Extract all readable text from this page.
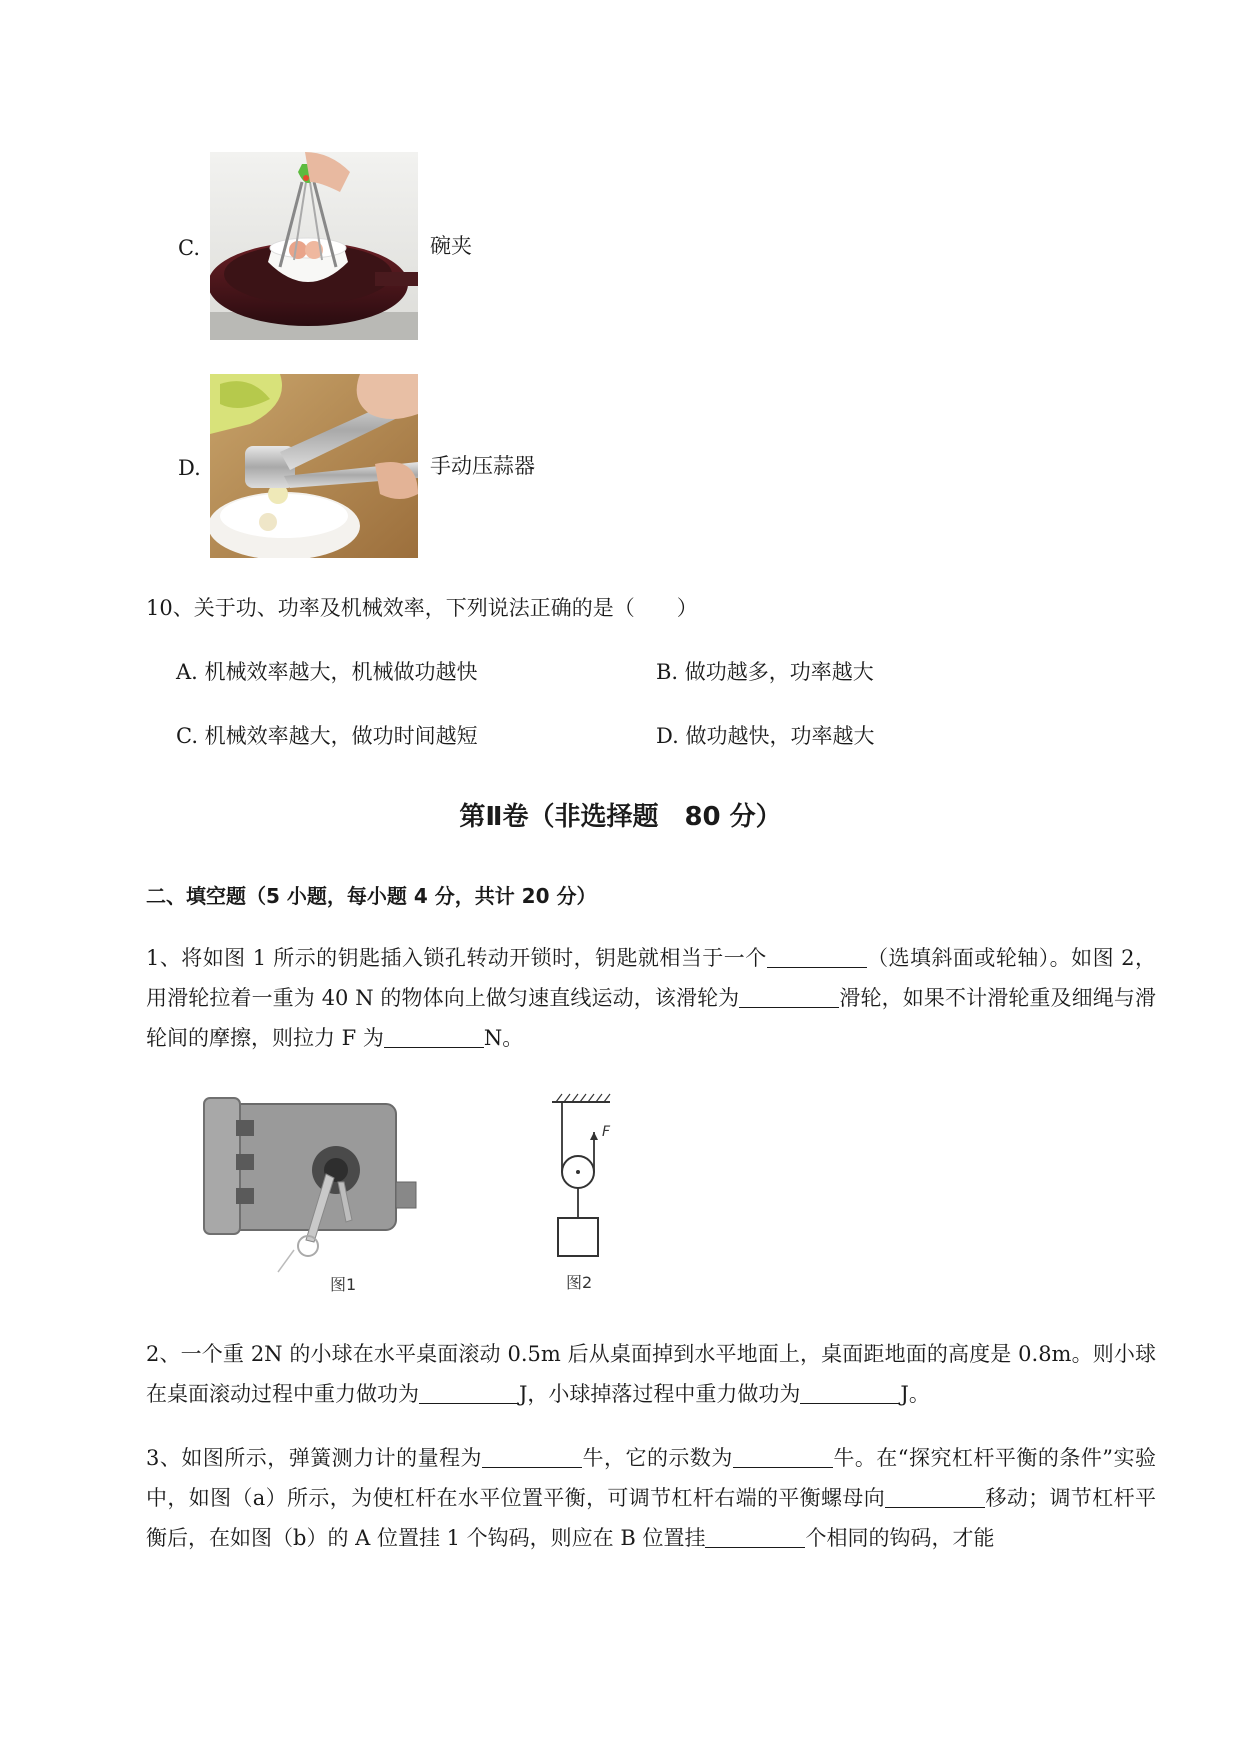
C.	碗夹
D.	手动压蒜器
10、关于功、功率及机械效率，下列说法正确的是（　　）
A. 机械效率越大，机械做功越快	B. 做功越多，功率越大
C. 机械效率越大，做功时间越短	D. 做功越快，功率越大
第Ⅱ卷（非选择题　80 分）
二、填空题（5 小题，每小题 4 分，共计 20 分）
1、将如图 1 所示的钥匙插入锁孔转动开锁时，钥匙就相当于一个	（选填斜面或轮轴）。如图 2，用滑轮拉着一重为 40 N 的物体向上做匀速直线运动，该滑轮为	滑轮，如果不计滑轮重及细绳与滑轮间的摩擦，则拉力 F 为	N。
图1
F
图2
2、一个重 2N 的小球在水平桌面滚动 0.5m 后从桌面掉到水平地面上，桌面距地面的高度是 0.8m。则小球在桌面滚动过程中重力做功为	J，小球掉落过程中重力做功为	J。
3、如图所示，弹簧测力计的量程为	牛，它的示数为	牛。在“探究杠杆平衡的条件”实验中，如图（a）所示，为使杠杆在水平位置平衡，可调节杠杆右端的平衡螺母向	移动；调节杠杆平衡后，在如图（b）的 A 位置挂 1 个钩码，则应在 B 位置挂	个相同的钩码，才能
